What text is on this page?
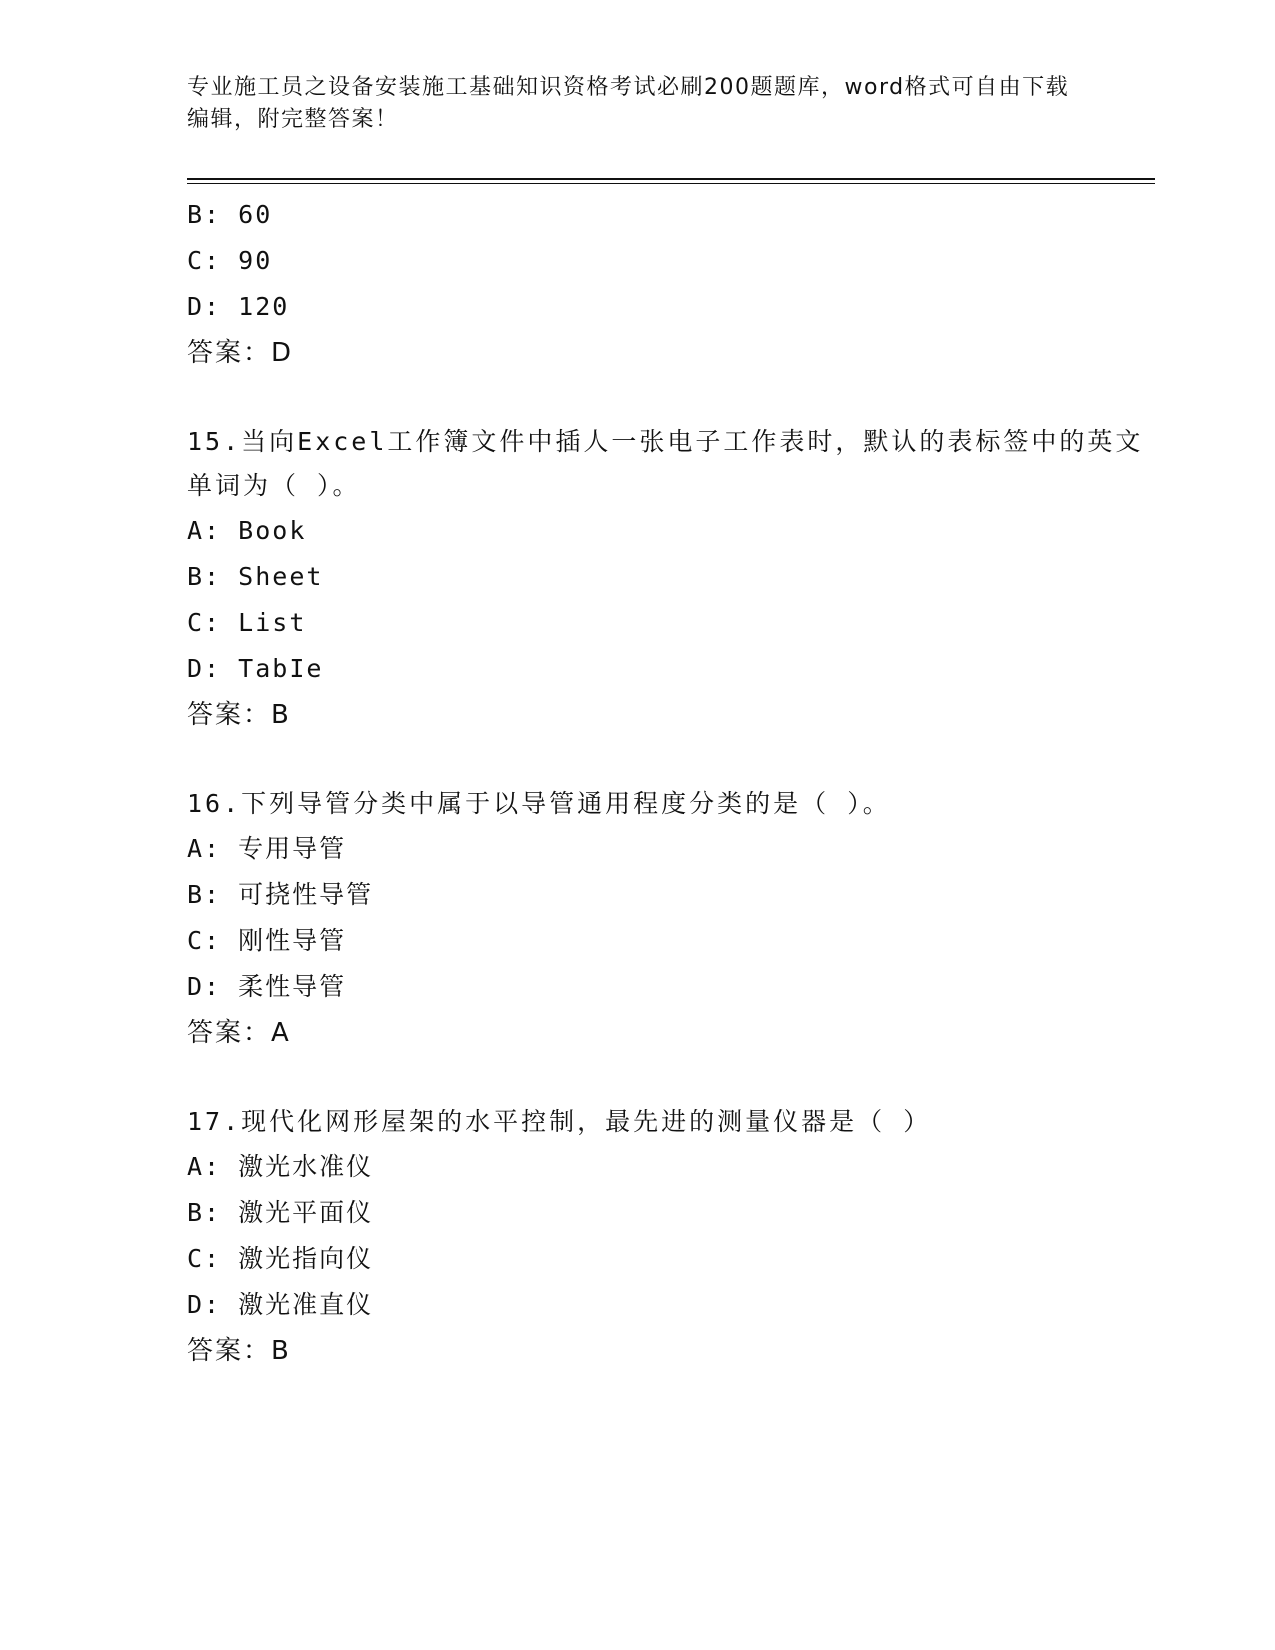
专业施工员之设备安装施工基础知识资格考试必刷200题题库，word格式可自由下载编辑，附完整答案！
B: 60
C: 90
D: 120
答案：D
15.当向Excel工作簿文件中插人一张电子工作表时，默认的表标签中的英文单词为（ ）。
A: Book
B: Sheet
C: List
D: TabIe
答案：B
16.下列导管分类中属于以导管通用程度分类的是（ ）。
A: 专用导管
B: 可挠性导管
C: 刚性导管
D: 柔性导管
答案：A
17.现代化网形屋架的水平控制，最先进的测量仪器是（ ）
A: 激光水准仪
B: 激光平面仪
C: 激光指向仪
D: 激光准直仪
答案：B
